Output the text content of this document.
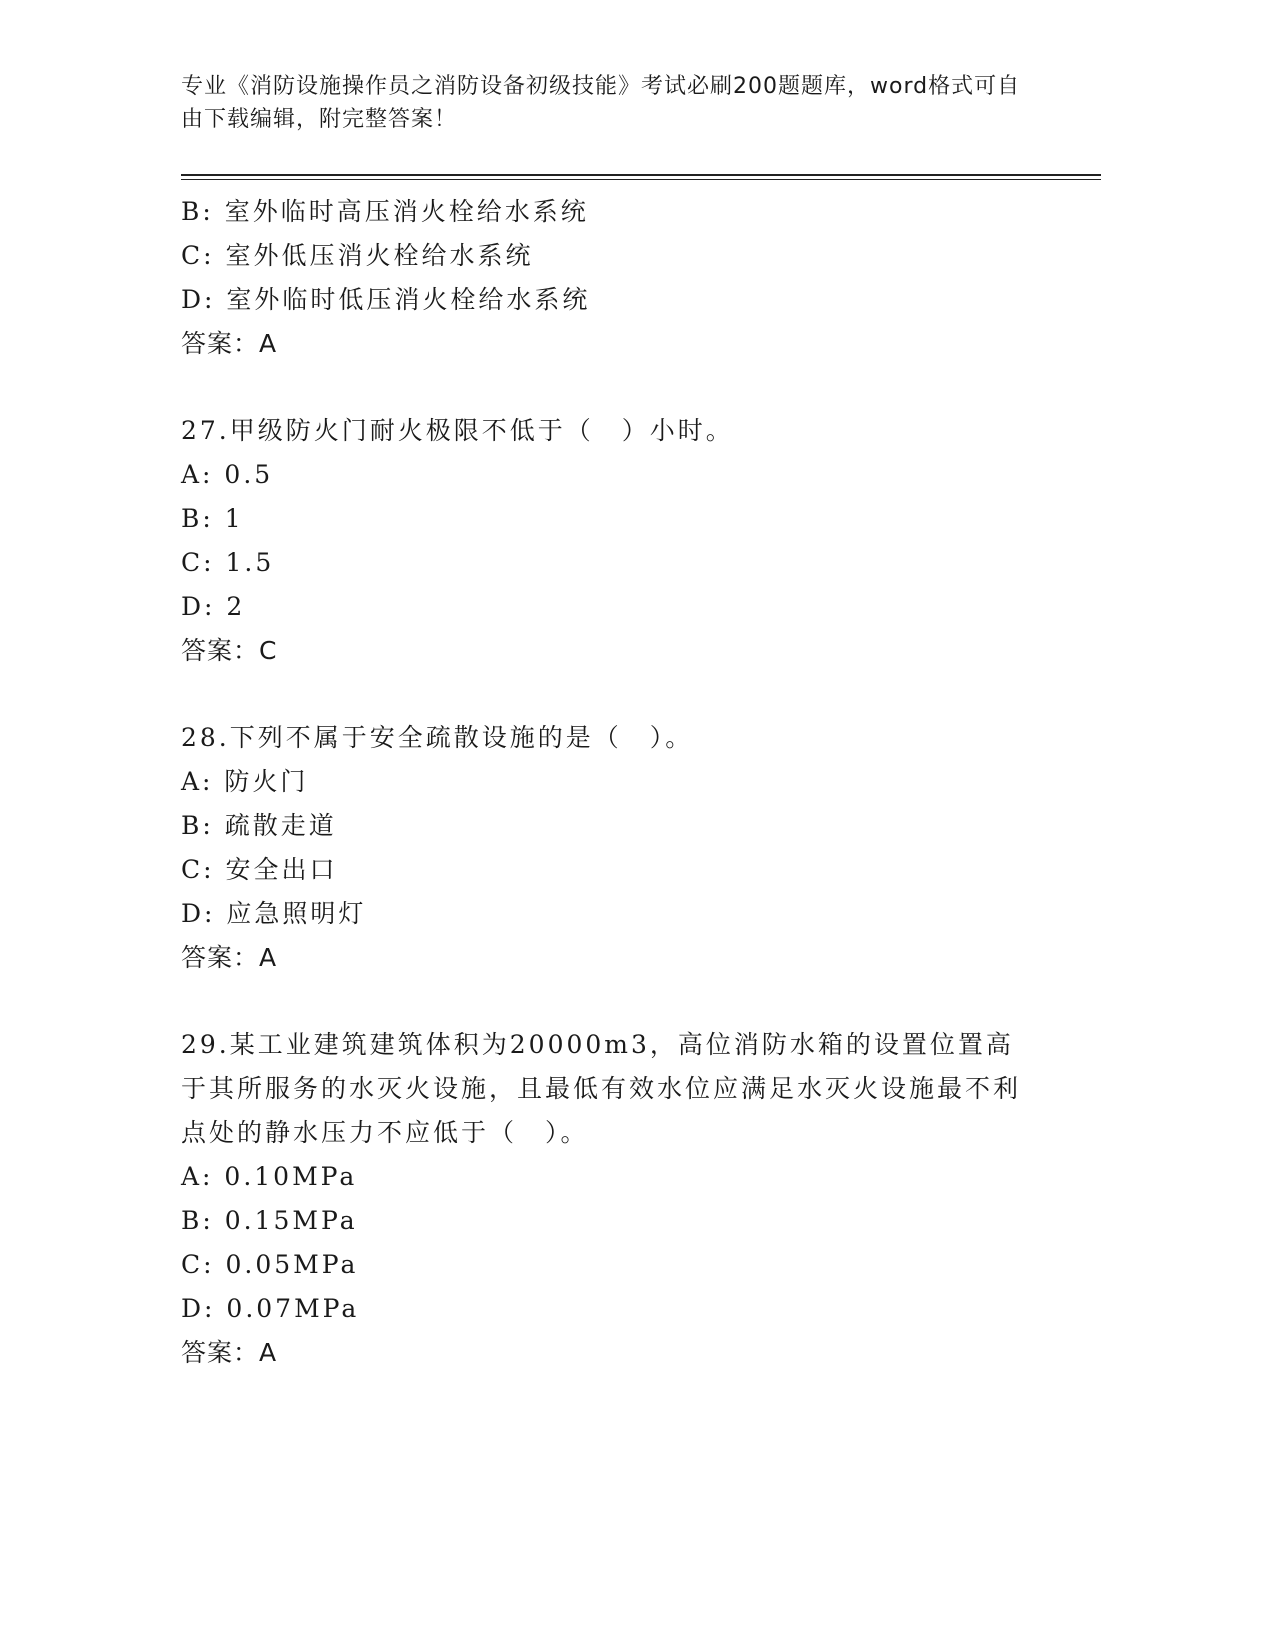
专业《消防设施操作员之消防设备初级技能》考试必刷200题题库，word格式可自由下载编辑，附完整答案！

B: 室外临时高压消火栓给水系统
C: 室外低压消火栓给水系统
D: 室外临时低压消火栓给水系统
答案：A
27.甲级防火门耐火极限不低于（　）小时。
A: 0.5
B: 1
C: 1.5
D: 2
答案：C
28.下列不属于安全疏散设施的是（　）。
A: 防火门
B: 疏散走道
C: 安全出口
D: 应急照明灯
答案：A
29.某工业建筑建筑体积为20000m3，高位消防水箱的设置位置高于其所服务的水灭火设施，且最低有效水位应满足水灭火设施最不利点处的静水压力不应低于（　）。
A: 0.10MPa
B: 0.15MPa
C: 0.05MPa
D: 0.07MPa
答案：A
